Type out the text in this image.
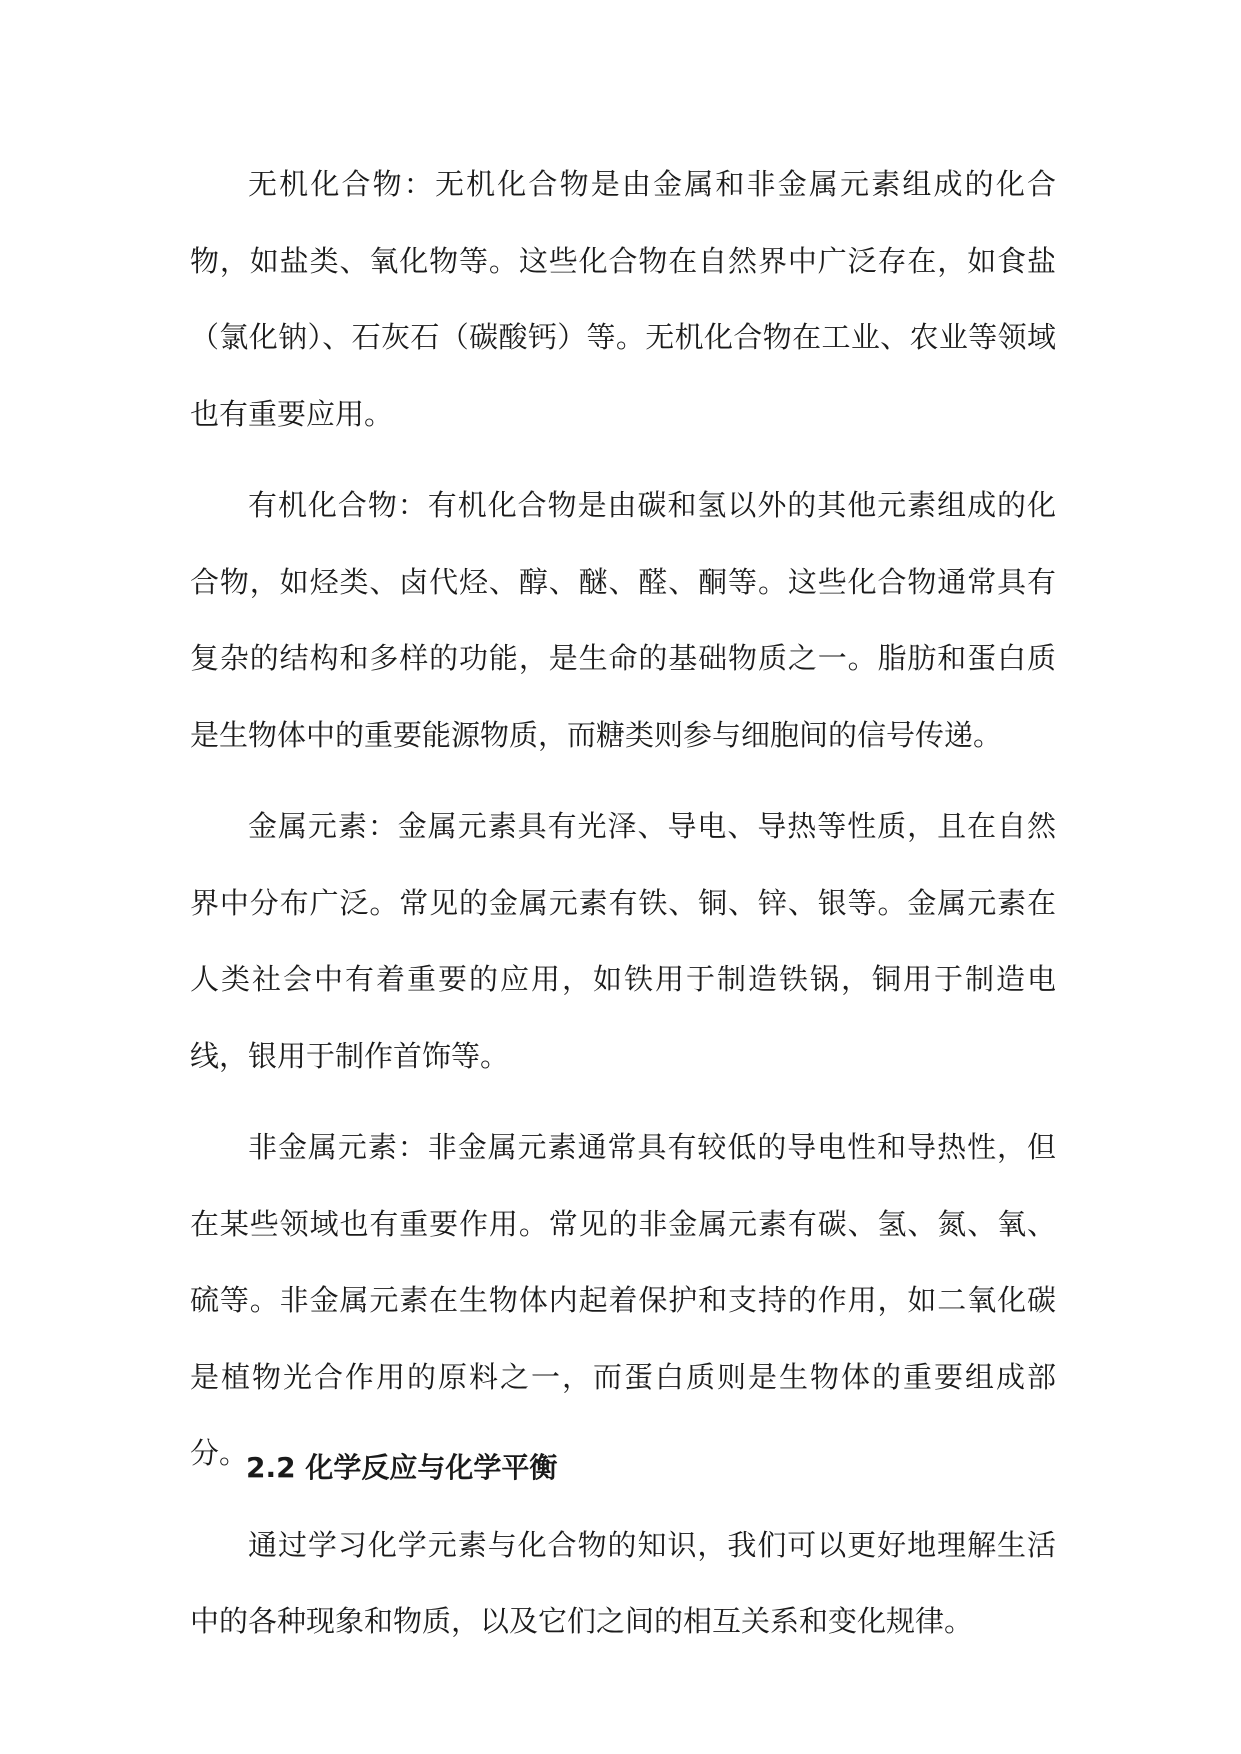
无机化合物：无机化合物是由金属和非金属元素组成的化合物，如盐类、氧化物等。这些化合物在自然界中广泛存在，如食盐（氯化钠）、石灰石（碳酸钙）等。无机化合物在工业、农业等领域也有重要应用。

有机化合物：有机化合物是由碳和氢以外的其他元素组成的化合物，如烃类、卤代烃、醇、醚、醛、酮等。这些化合物通常具有复杂的结构和多样的功能，是生命的基础物质之一。脂肪和蛋白质是生物体中的重要能源物质，而糖类则参与细胞间的信号传递。

金属元素：金属元素具有光泽、导电、导热等性质，且在自然界中分布广泛。常见的金属元素有铁、铜、锌、银等。金属元素在人类社会中有着重要的应用，如铁用于制造铁锅，铜用于制造电线，银用于制作首饰等。

非金属元素：非金属元素通常具有较低的导电性和导热性，但在某些领域也有重要作用。常见的非金属元素有碳、氢、氮、氧、硫等。非金属元素在生物体内起着保护和支持的作用，如二氧化碳是植物光合作用的原料之一，而蛋白质则是生物体的重要组成部分。

通过学习化学元素与化合物的知识，我们可以更好地理解生活中的各种现象和物质，以及它们之间的相互关系和变化规律。

2.2 化学反应与化学平衡
